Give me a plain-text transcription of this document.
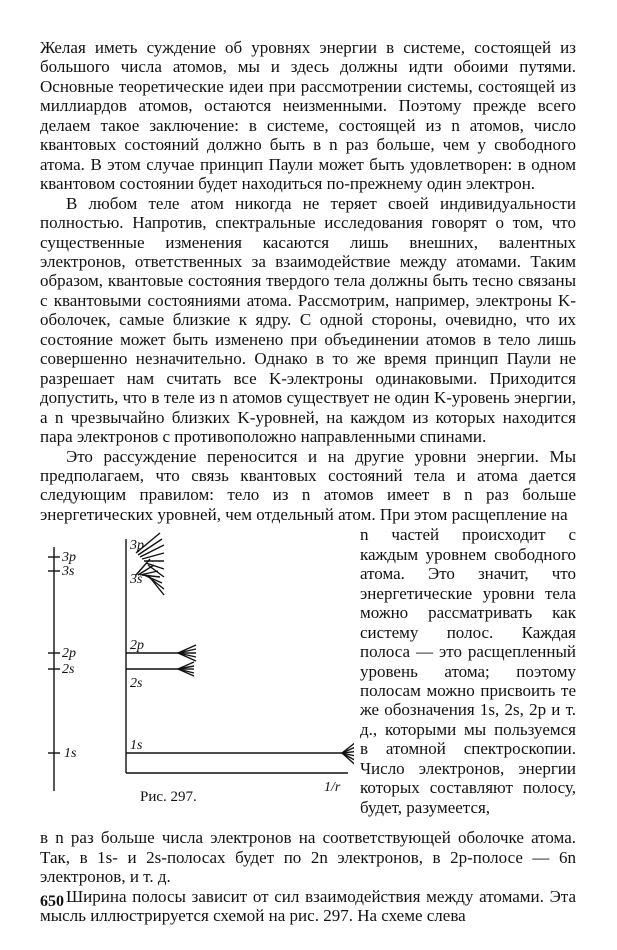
Желая иметь суждение об уровнях энергии в системе, состоящей из большого числа атомов, мы и здесь должны идти обоими путями. Основные теоретические идеи при рассмотрении системы, состоящей из миллиардов атомов, остаются неизменными. Поэтому прежде всего делаем такое заключение: в системе, состоящей из n атомов, число квантовых состояний должно быть в n раз больше, чем у свободного атома. В этом случае принцип Паули может быть удовлетворен: в одном квантовом состоянии будет находиться по-прежнему один электрон.

В любом теле атом никогда не теряет своей индивидуальности полностью. Напротив, спектральные исследования говорят о том, что существенные изменения касаются лишь внешних, валентных электронов, ответственных за взаимодействие между атомами. Таким образом, квантовые состояния твердого тела должны быть тесно связаны с квантовыми состояниями атома. Рассмотрим, например, электроны K-оболочек, самые близкие к ядру. С одной стороны, очевидно, что их состояние может быть изменено при объединении атомов в тело лишь совершенно незначительно. Однако в то же время принцип Паули не разрешает нам считать все K-электроны одинаковыми. Приходится допустить, что в теле из n атомов существует не один K-уровень энергии, а n чрезвычайно близких K-уровней, на каждом из которых находится пара электронов с противоположно направленными спинами.

Это рассуждение переносится и на другие уровни энергии. Мы предполагаем, что связь квантовых состояний тела и атома дается следующим правилом: тело из n атомов имеет в n раз больше энергетических уровней, чем отдельный атом. При этом расщепление на

3p
3s
2p
2s
1s
3p
3s
2p
2s
1s
1/r
Рис. 297.

n частей происходит с каждым уровнем свободного атома. Это значит, что энергетические уровни тела можно рассматривать как систему полос. Каждая полоса — это расщепленный уровень атома; поэтому полосам можно присвоить те же обозначения 1s, 2s, 2p и т. д., которыми мы пользуемся в атомной спектроскопии. Число электронов, энергии которых составляют полосу, будет, разумеется,

в n раз больше числа электронов на соответствующей оболочке атома. Так, в 1s- и 2s-полосах будет по 2n электронов, в 2p-полосе — 6n электронов, и т. д.

Ширина полосы зависит от сил взаимодействия между атомами. Эта мысль иллюстрируется схемой на рис. 297. На схеме слева

650
